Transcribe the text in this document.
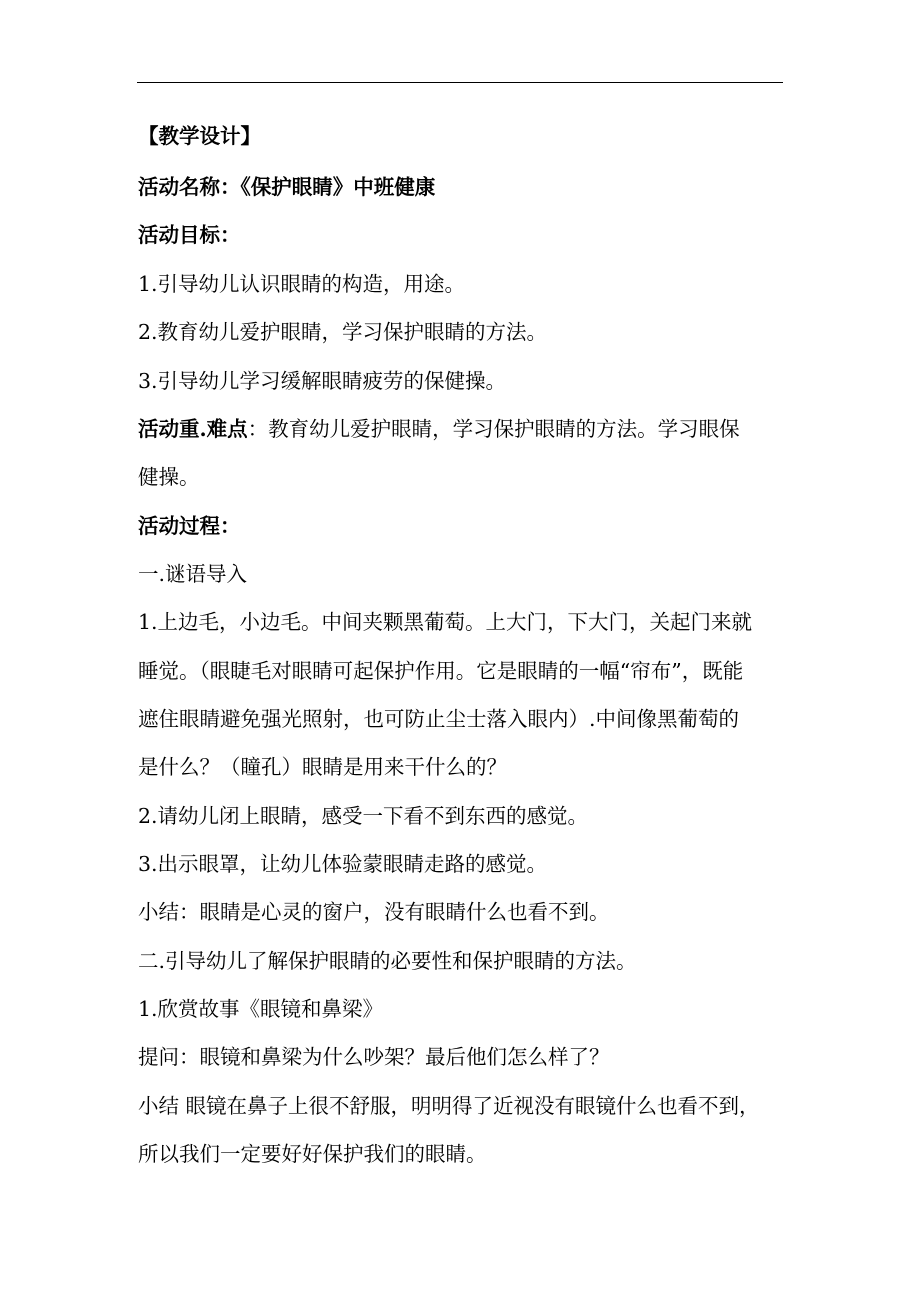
【教学设计】
活动名称：《保护眼睛》中班健康
活动目标：
1.引导幼儿认识眼睛的构造，用途。
2.教育幼儿爱护眼睛，学习保护眼睛的方法。
3.引导幼儿学习缓解眼睛疲劳的保健操。
活动重.难点：教育幼儿爱护眼睛，学习保护眼睛的方法。学习眼保
健操。
活动过程：
一.谜语导入
1.上边毛，小边毛。中间夹颗黑葡萄。上大门，下大门，关起门来就
睡觉。（眼睫毛对眼睛可起保护作用。它是眼睛的一幅“帘布”，既能
遮住眼睛避免强光照射，也可防止尘士落入眼内）.中间像黑葡萄的
是什么？（瞳孔）眼睛是用来干什么的？
2.请幼儿闭上眼睛，感受一下看不到东西的感觉。
3.出示眼罩，让幼儿体验蒙眼睛走路的感觉。
小结：眼睛是心灵的窗户，没有眼睛什么也看不到。
二.引导幼儿了解保护眼睛的必要性和保护眼睛的方法。
1.欣赏故事《眼镜和鼻梁》
提问：眼镜和鼻梁为什么吵架？最后他们怎么样了？
小结 眼镜在鼻子上很不舒服，明明得了近视没有眼镜什么也看不到，
所以我们一定要好好保护我们的眼睛。
